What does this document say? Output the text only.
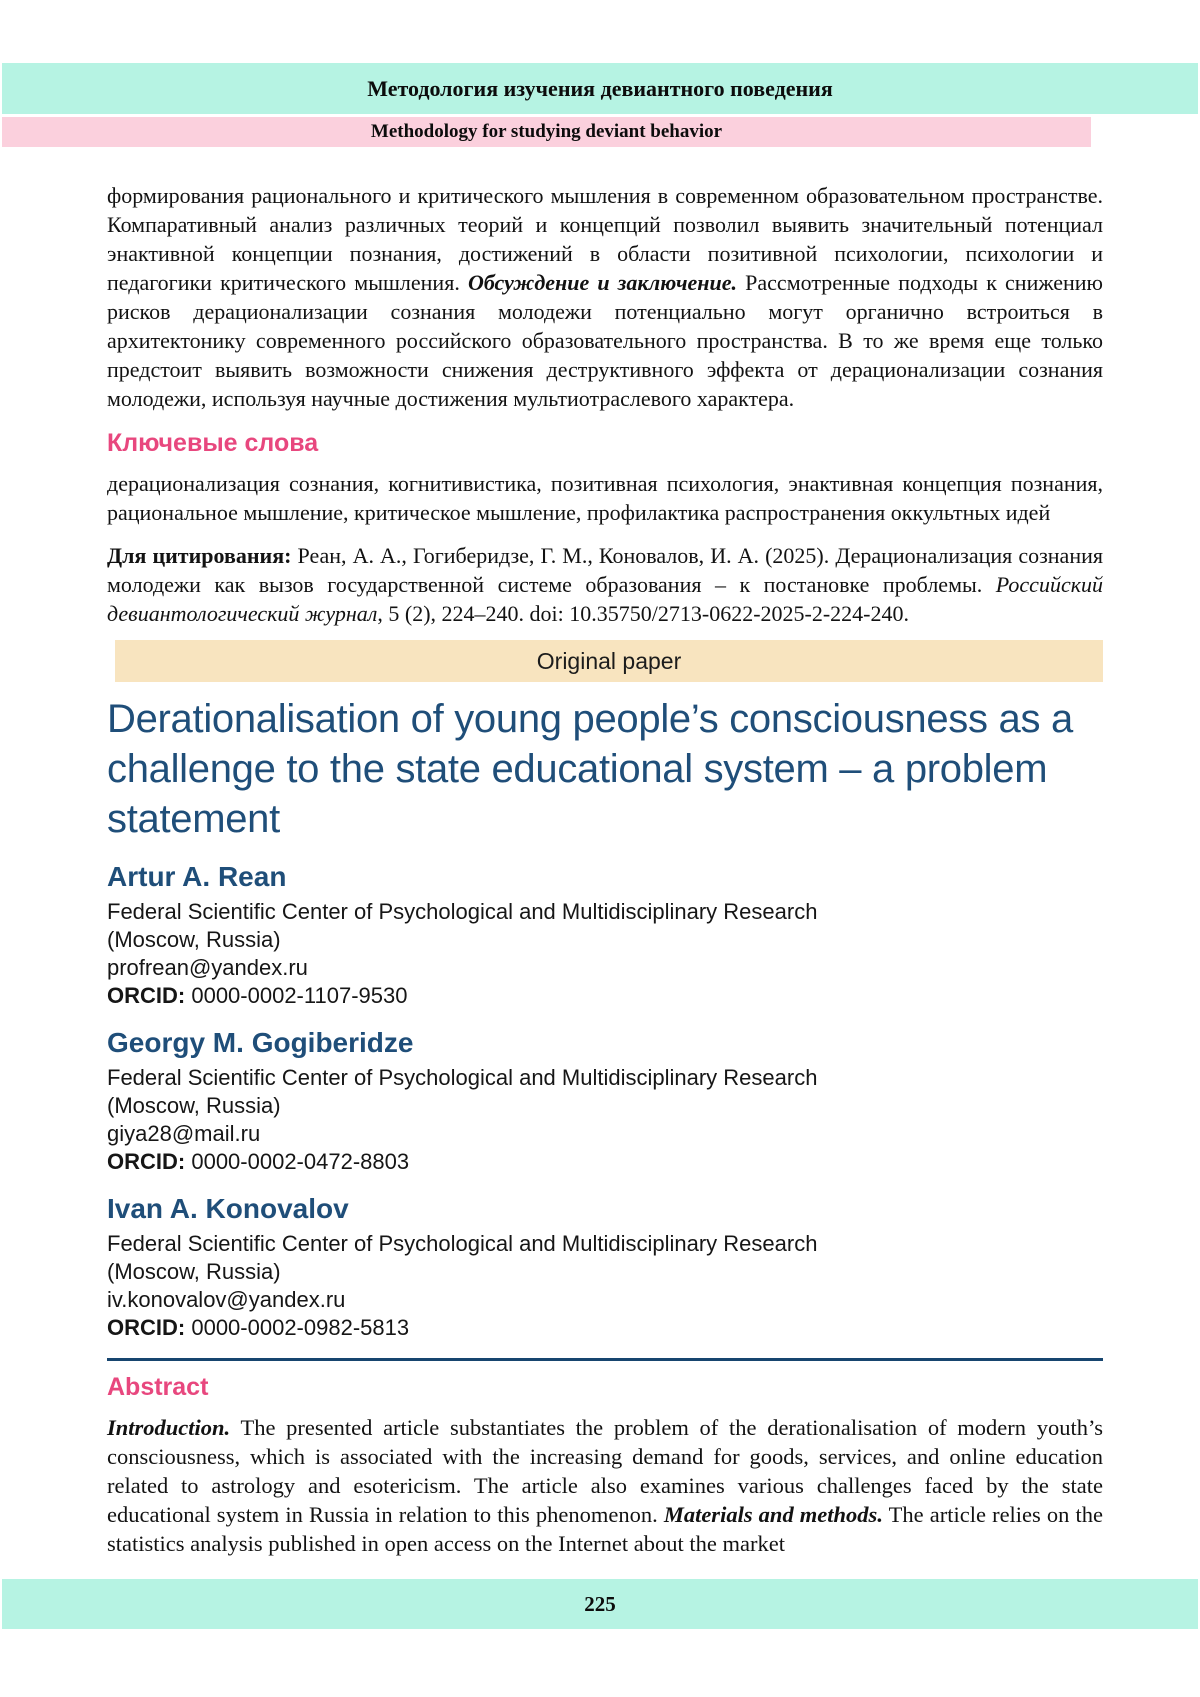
Методология изучения девиантного поведения
Methodology for studying deviant behavior

формирования рационального и критического мышления в современном образовательном пространстве. Компаративный анализ различных теорий и концепций позволил выявить значительный потенциал энактивной концепции познания, достижений в области позитивной психологии, психологии и педагогики критического мышления. Обсуждение и заключение. Рассмотренные подходы к снижению рисков дерационализации сознания молодежи потенциально могут органично встроиться в архитектонику современного российского образовательного пространства. В то же время еще только предстоит выявить возможности снижения деструктивного эффекта от дерационализации сознания молодежи, используя научные достижения мультиотраслевого характера.

Ключевые слова

дерационализация сознания, когнитивистика, позитивная психология, энактивная концепция познания, рациональное мышление, критическое мышление, профилактика распространения оккультных идей

Для цитирования: Реан, А. А., Гогиберидзе, Г. М., Коновалов, И. А. (2025). Дерационализация сознания молодежи как вызов государственной системе образования – к постановке проблемы. Российский девиантологический журнал, 5 (2), 224–240. doi: 10.35750/2713-0622-2025-2-224-240.

Original paper
Derationalisation of young people’s consciousness as a challenge to the state educational system – a problem statement
Artur A. Rean

Federal Scientific Center of Psychological and Multidisciplinary Research

(Moscow, Russia)

profrean@yandex.ru

ORCID: 0000-0002-1107-9530

Georgy M. Gogiberidze

Federal Scientific Center of Psychological and Multidisciplinary Research

(Moscow, Russia)

giya28@mail.ru

ORCID: 0000-0002-0472-8803

Ivan A. Konovalov

Federal Scientific Center of Psychological and Multidisciplinary Research

(Moscow, Russia)

iv.konovalov@yandex.ru

ORCID: 0000-0002-0982-5813

Abstract

Introduction. The presented article substantiates the problem of the derationalisation of modern youth’s consciousness, which is associated with the increasing demand for goods, services, and online education related to astrology and esotericism. The article also examines various challenges faced by the state educational system in Russia in relation to this phenomenon. Materials and methods. The article relies on the statistics analysis published in open access on the Internet about the market

225
